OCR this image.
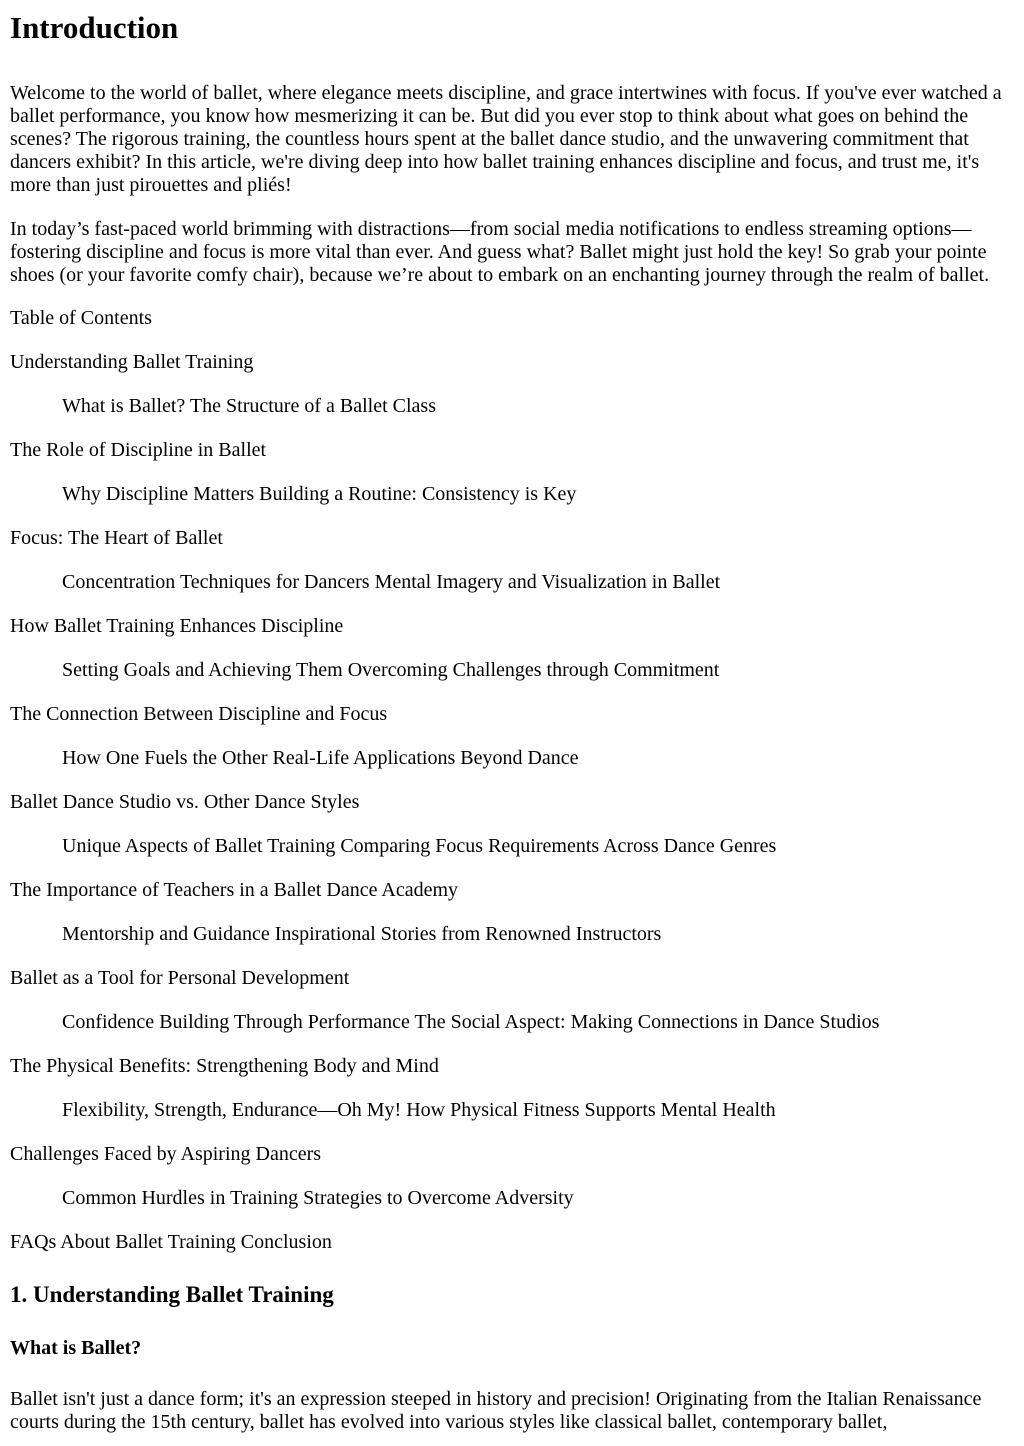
Introduction

Welcome to the world of ballet, where elegance meets discipline, and grace intertwines with focus. If you've ever watched a ballet performance, you know how mesmerizing it can be. But did you ever stop to think about what goes on behind the scenes? The rigorous training, the countless hours spent at the ballet dance studio, and the unwavering commitment that dancers exhibit? In this article, we're diving deep into how ballet training enhances discipline and focus, and trust me, it's more than just pirouettes and pliés!

In today’s fast-paced world brimming with distractions—from social media notifications to endless streaming options—fostering discipline and focus is more vital than ever. And guess what? Ballet might just hold the key! So grab your pointe shoes (or your favorite comfy chair), because we’re about to embark on an enchanting journey through the realm of ballet.

Table of Contents

Understanding Ballet Training

What is Ballet? The Structure of a Ballet Class

The Role of Discipline in Ballet

Why Discipline Matters Building a Routine: Consistency is Key

Focus: The Heart of Ballet

Concentration Techniques for Dancers Mental Imagery and Visualization in Ballet

How Ballet Training Enhances Discipline

Setting Goals and Achieving Them Overcoming Challenges through Commitment

The Connection Between Discipline and Focus

How One Fuels the Other Real-Life Applications Beyond Dance

Ballet Dance Studio vs. Other Dance Styles

Unique Aspects of Ballet Training Comparing Focus Requirements Across Dance Genres

The Importance of Teachers in a Ballet Dance Academy

Mentorship and Guidance Inspirational Stories from Renowned Instructors

Ballet as a Tool for Personal Development

Confidence Building Through Performance The Social Aspect: Making Connections in Dance Studios

The Physical Benefits: Strengthening Body and Mind

Flexibility, Strength, Endurance—Oh My! How Physical Fitness Supports Mental Health

Challenges Faced by Aspiring Dancers

Common Hurdles in Training Strategies to Overcome Adversity

FAQs About Ballet Training Conclusion

1. Understanding Ballet Training
What is Ballet?

Ballet isn't just a dance form; it's an expression steeped in history and precision! Originating from the Italian Renaissance courts during the 15th century, ballet has evolved into various styles like classical ballet, contemporary ballet,
